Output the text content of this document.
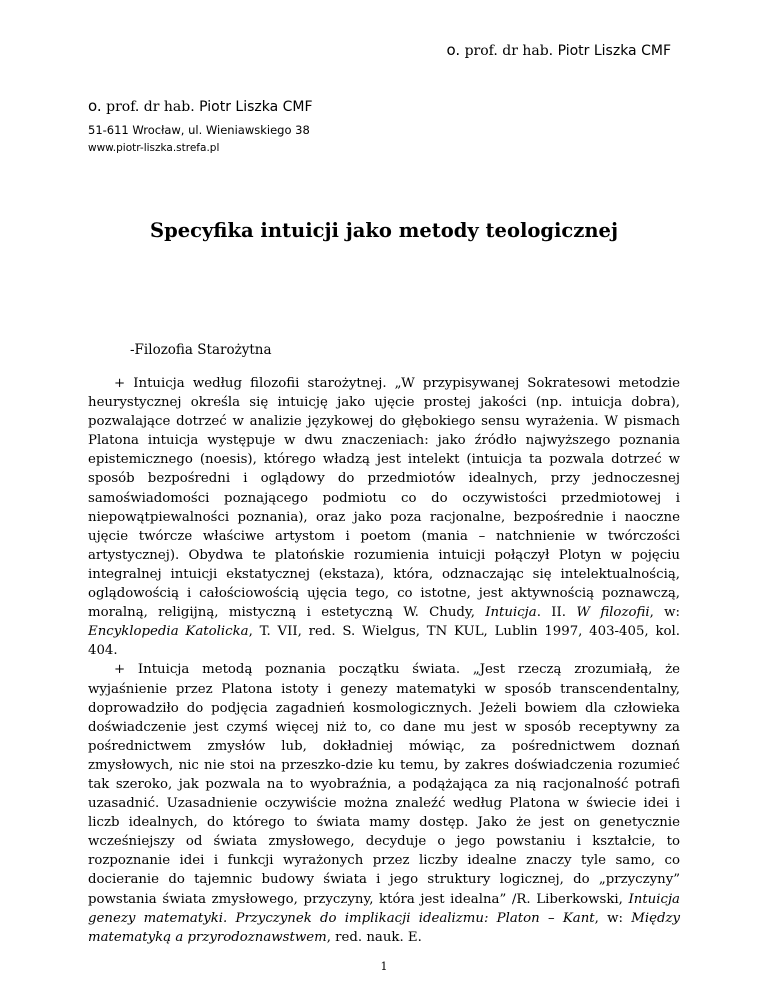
o. prof. dr hab. Piotr Liszka CMF

o. prof. dr hab. Piotr Liszka CMF

51-611 Wrocław, ul. Wieniawskiego 38

www.piotr-liszka.strefa.pl

Specyfika intuicji jako metody teologicznej

-Filozofia Starożytna

+ Intuicja według filozofii starożytnej. „W przypisywanej Sokratesowi metodzie heurystycznej określa się intuicję jako ujęcie prostej jakości (np. intuicja dobra), pozwalające dotrzeć w analizie językowej do głębokiego sensu wyrażenia. W pismach Platona intuicja występuje w dwu znaczeniach: jako źródło najwyższego poznania epistemicznego (noesis), którego władzą jest intelekt (intuicja ta pozwala dotrzeć w sposób bezpośredni i oglądowy do przedmiotów idealnych, przy jednoczesnej samoświadomości poznającego podmiotu co do oczywistości przedmiotowej i niepowątpiewalności poznania), oraz jako poza racjonalne, bezpośrednie i naoczne ujęcie twórcze właściwe artystom i poetom (mania – natchnienie w twórczości artystycznej). Obydwa te platońskie rozumienia intuicji połączył Plotyn w pojęciu integralnej intuicji ekstatycznej (ekstaza), która, odznaczając się intelektualnością, oglądowością i całościowością ujęcia tego, co istotne, jest aktywnością poznawczą, moralną, religijną, mistyczną i estetyczną W. Chudy, Intuicja. II. W filozofii, w: Encyklopedia Katolicka, T. VII, red. S. Wielgus, TN KUL, Lublin 1997, 403-405, kol. 404.

+ Intuicja metodą poznania początku świata. „Jest rzeczą zrozumiałą, że wyjaśnienie przez Platona istoty i genezy matematyki w sposób transcendentalny, doprowadziło do podjęcia zagadnień kosmologicznych. Jeżeli bowiem dla człowieka doświadczenie jest czymś więcej niż to, co dane mu jest w sposób receptywny za pośrednictwem zmysłów lub, dokładniej mówiąc, za pośrednictwem doznań zmysłowych, nic nie stoi na przeszko-dzie ku temu, by zakres doświadczenia rozumieć tak szeroko, jak pozwala na to wyobraźnia, a podążająca za nią racjonalność potrafi uzasadnić. Uzasadnienie oczywiście można znaleźć według Platona w świecie idei i liczb idealnych, do którego to świata mamy dostęp. Jako że jest on genetycznie wcześniejszy od świata zmysłowego, decyduje o jego powstaniu i kształcie, to rozpoznanie idei i funkcji wyrażonych przez liczby idealne znaczy tyle samo, co docieranie do tajemnic budowy świata i jego struktury logicznej, do „przyczyny” powstania świata zmysłowego, przyczyny, która jest idealna” /R. Liberkowski, Intuicja genezy matematyki. Przyczynek do implikacji idealizmu: Platon – Kant, w: Między matematyką a przyrodoznawstwem, red. nauk. E.

1
